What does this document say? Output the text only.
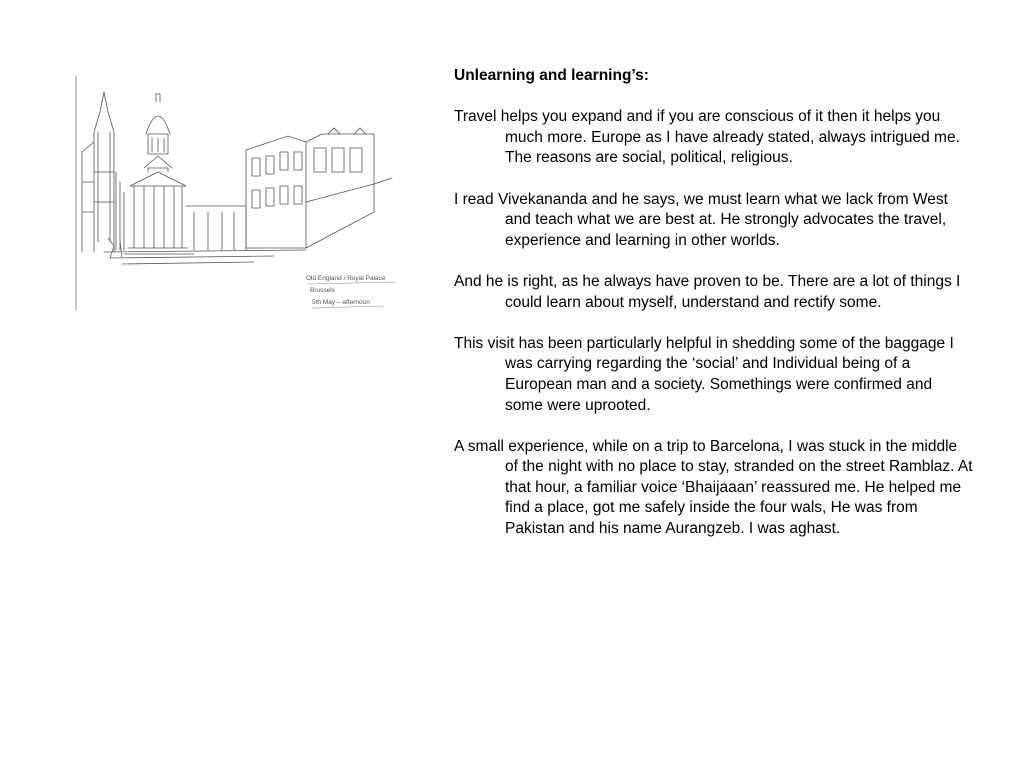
Old England / Royal Palace
Brussels
5th May – afternoon
Unlearning and learning’s:
Travel helps you expand and if you are conscious of it then it helps you much more. Europe as I have already stated, always intrigued me. The reasons are social, political, religious.
I read Vivekananda and he says, we must learn what we lack from West and teach what we are best at. He strongly advocates the travel, experience and learning in other worlds.
And he is right, as he always have proven to be. There are a lot of things I could learn about myself, understand and rectify some.
This visit has been particularly helpful in shedding some of the baggage I was carrying regarding the ‘social’ and Individual being of a European man and a society. Somethings were confirmed and some were uprooted.
A small experience, while on a trip to Barcelona, I was stuck in the middle of the night with no place to stay, stranded on the street Ramblaz. At that hour, a familiar voice ‘Bhaijaaan’ reassured me. He helped me find a place, got me safely inside the four wals, He was from Pakistan and his name Aurangzeb. I was aghast.
